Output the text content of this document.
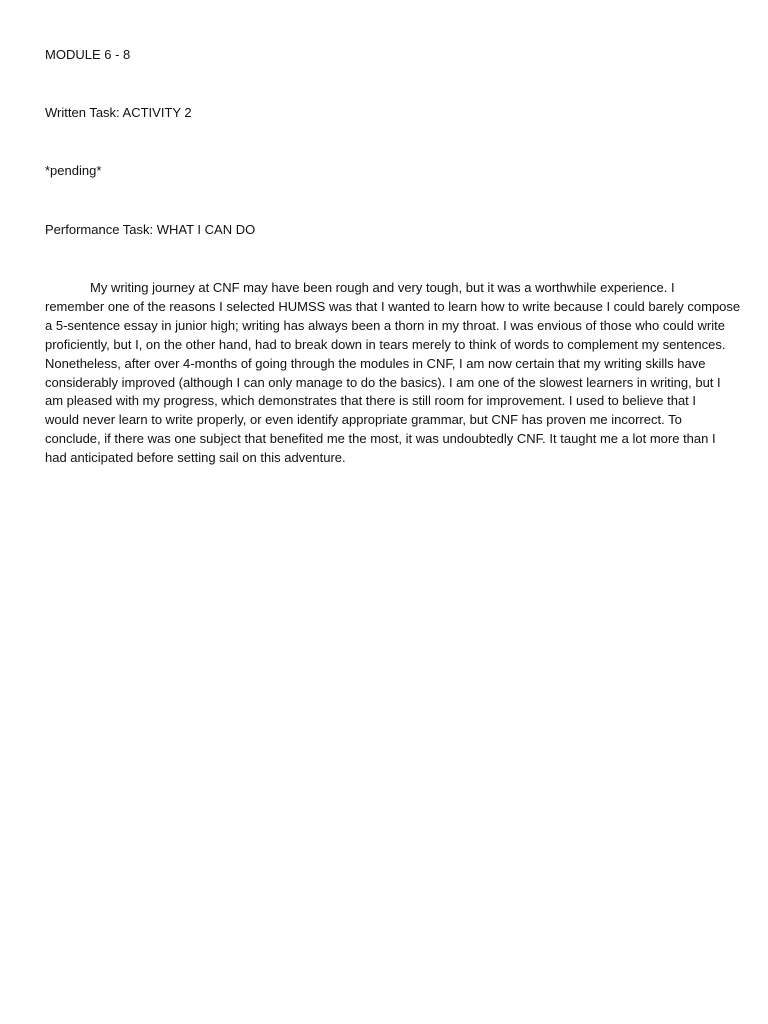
MODULE 6 - 8

Written Task: ACTIVITY 2

*pending*

Performance Task: WHAT I CAN DO

My writing journey at CNF may have been rough and very tough, but it was a worthwhile experience. I
remember one of the reasons I selected HUMSS was that I wanted to learn how to write because I could barely compose
a 5-sentence essay in junior high; writing has always been a thorn in my throat. I was envious of those who could write
proficiently, but I, on the other hand, had to break down in tears merely to think of words to complement my sentences.
Nonetheless, after over 4-months of going through the modules in CNF, I am now certain that my writing skills have
considerably improved (although I can only manage to do the basics). I am one of the slowest learners in writing, but I
am pleased with my progress, which demonstrates that there is still room for improvement. I used to believe that I
would never learn to write properly, or even identify appropriate grammar, but CNF has proven me incorrect. To
conclude, if there was one subject that benefited me the most, it was undoubtedly CNF. It taught me a lot more than I
had anticipated before setting sail on this adventure.
